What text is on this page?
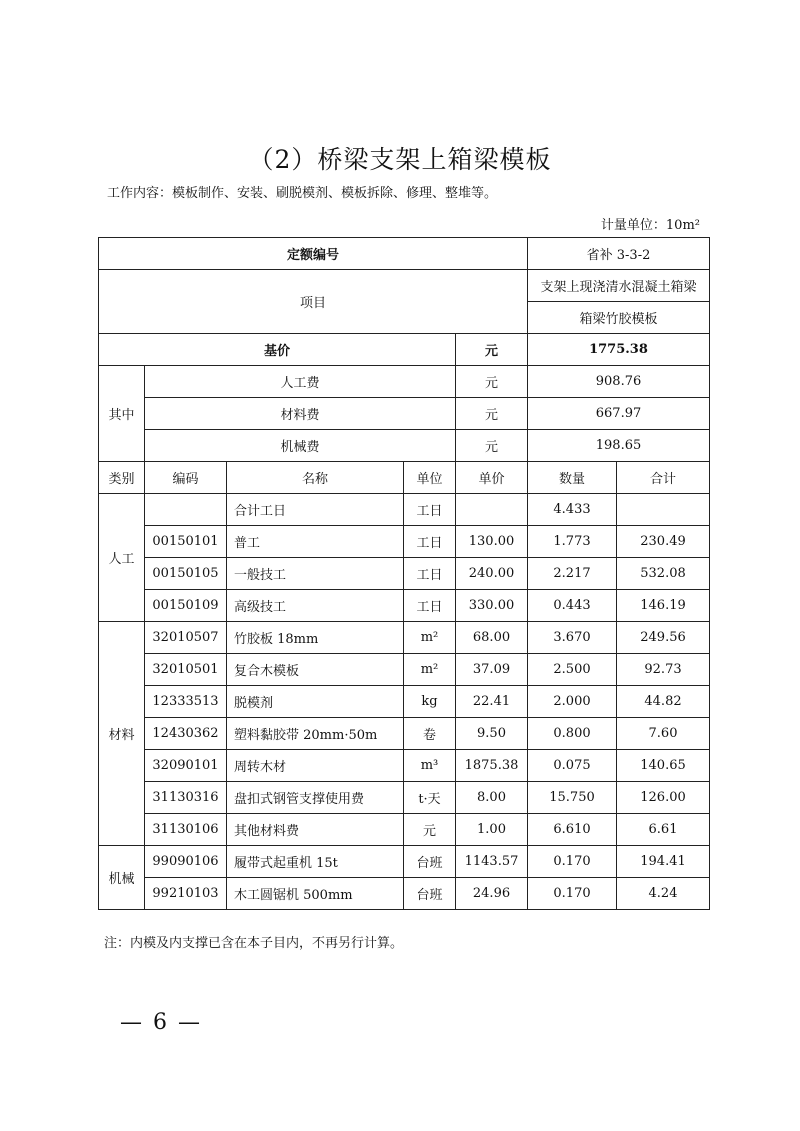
（2）桥梁支架上箱梁模板
工作内容：模板制作、安装、刷脱模剂、模板拆除、修理、整堆等。
计量单位：10m²
定额编号					省补 3-3-2	
项目					支架上现浇清水混凝土箱梁	
					箱梁竹胶模板	
基价				元	1775.38	
其中	人工费			元	908.76	
	材料费			元	667.97	
	机械费			元	198.65	
类别	编码	名称	单位	单价	数量	合计
人工		合计工日	工日		4.433	
	00150101	普工	工日	130.00	1.773	230.49
	00150105	一般技工	工日	240.00	2.217	532.08
	00150109	高级技工	工日	330.00	0.443	146.19
材料	32010507	竹胶板 18mm	m²	68.00	3.670	249.56
	32010501	复合木模板	m²	37.09	2.500	92.73
	12333513	脱模剂	kg	22.41	2.000	44.82
	12430362	塑料黏胶带 20mm·50m	卷	9.50	0.800	7.60
	32090101	周转木材	m³	1875.38	0.075	140.65
	31130316	盘扣式钢管支撑使用费	t·天	8.00	15.750	126.00
	31130106	其他材料费	元	1.00	6.610	6.61
机械	99090106	履带式起重机 15t	台班	1143.57	0.170	194.41
	99210103	木工圆锯机 500mm	台班	24.96	0.170	4.24
注：内模及内支撑已含在本子目内，不再另行计算。
— 6 —
